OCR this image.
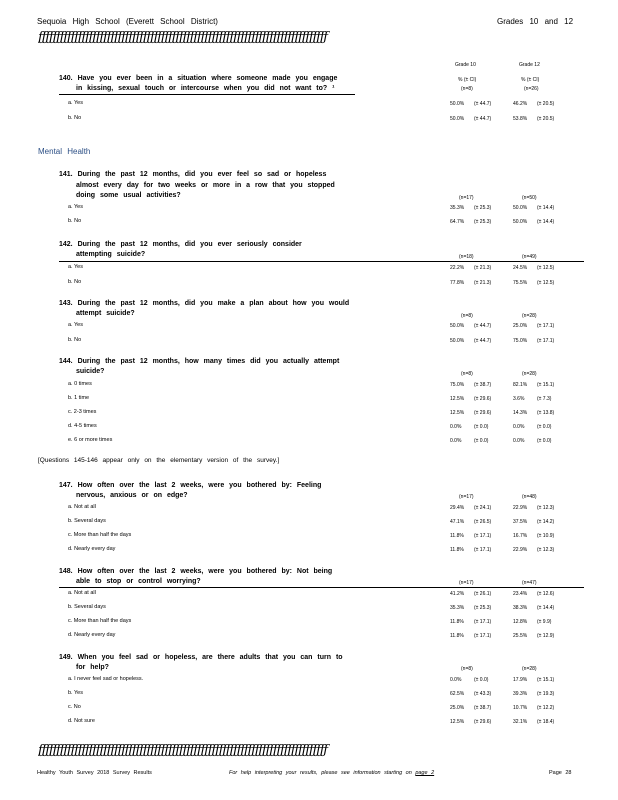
Sequoia High School (Everett School District)	Grades 10 and 12
ƒƒƒƒƒƒƒƒƒƒƒƒƒƒƒƒƒƒƒƒƒƒƒƒƒƒƒƒƒƒƒƒƒƒƒƒƒƒƒƒƒƒƒƒƒƒƒƒƒƒƒƒƒƒƒƒƒƒƒƒƒƒƒƒƒƒƒƒƒƒƒƒƒƒƒƒƒƒƒƒ
Grade 10	Grade 12
140. Have you ever been in a situation where someone made you engage
in kissing, sexual touch or intercourse when you did not want to? ¹
% (± CI)	% (± CI)
(n=8)	(n=26)
a. Yes	50.0% (± 44.7)	46.2% (± 20.5)
b. No	50.0% (± 44.7)	53.8% (± 20.5)
Mental Health
141. During the past 12 months, did you ever feel so sad or hopeless
almost every day for two weeks or more in a row that you stopped
doing some usual activities?	(n=17)	(n=50)
a. Yes	35.3% (± 25.3)	50.0% (± 14.4)
b. No	64.7% (± 25.3)	50.0% (± 14.4)
142. During the past 12 months, did you ever seriously consider
attempting suicide?	(n=18)	(n=49)
a. Yes	22.2% (± 21.3)	24.5% (± 12.5)
b. No	77.8% (± 21.3)	75.5% (± 12.5)
143. During the past 12 months, did you make a plan about how you would
attempt suicide?	(n=8)	(n=28)
a. Yes	50.0% (± 44.7)	25.0% (± 17.1)
b. No	50.0% (± 44.7)	75.0% (± 17.1)
144. During the past 12 months, how many times did you actually attempt
suicide?	(n=8)	(n=28)
a. 0 times	75.0% (± 38.7)	82.1% (± 15.1)
b. 1 time	12.5% (± 29.6)	3.6%	(± 7.3)
c. 2-3 times	12.5% (± 29.6)	14.3% (± 13.8)
d. 4-5 times	0.0%	(± 0.0)	0.0%	(± 0.0)
e. 6 or more times	0.0%	(± 0.0)	0.0%	(± 0.0)
[Questions 145-146 appear only on the elementary version of the survey.]
147. How often over the last 2 weeks, were you bothered by: Feeling
nervous, anxious or on edge?	(n=17)	(n=48)
a. Not at all	29.4% (± 24.1)	22.9% (± 12.3)
b. Several days	47.1% (± 26.5)	37.5% (± 14.2)
c. More than half the days	11.8% (± 17.1)	16.7% (± 10.9)
d. Nearly every day	11.8% (± 17.1)	22.9% (± 12.3)
148. How often over the last 2 weeks, were you bothered by: Not being
able to stop or control worrying?	(n=17)	(n=47)
a. Not at all	41.2% (± 26.1)	23.4% (± 12.6)
b. Several days	35.3% (± 25.3)	38.3% (± 14.4)
c. More than half the days	11.8% (± 17.1)	12.8% (± 9.9)
d. Nearly every day	11.8% (± 17.1)	25.5% (± 12.9)
149. When you feel sad or hopeless, are there adults that you can turn to
for help?	(n=8)	(n=28)
a. I never feel sad or hopeless.	0.0%	(± 0.0)	17.9% (± 15.1)
b. Yes	62.5% (± 43.3)	39.3% (± 19.3)
c. No	25.0% (± 38.7)	10.7% (± 12.2)
d. Not sure	12.5% (± 29.6)	32.1% (± 18.4)
ƒƒƒƒƒƒƒƒƒƒƒƒƒƒƒƒƒƒƒƒƒƒƒƒƒƒƒƒƒƒƒƒƒƒƒƒƒƒƒƒƒƒƒƒƒƒƒƒƒƒƒƒƒƒƒƒƒƒƒƒƒƒƒƒƒƒƒƒƒƒƒƒƒƒƒƒƒƒƒƒ
Healthy Youth Survey 2018 Survey Results	For help interpreting your results, please see information starting on page 2	Page 28
